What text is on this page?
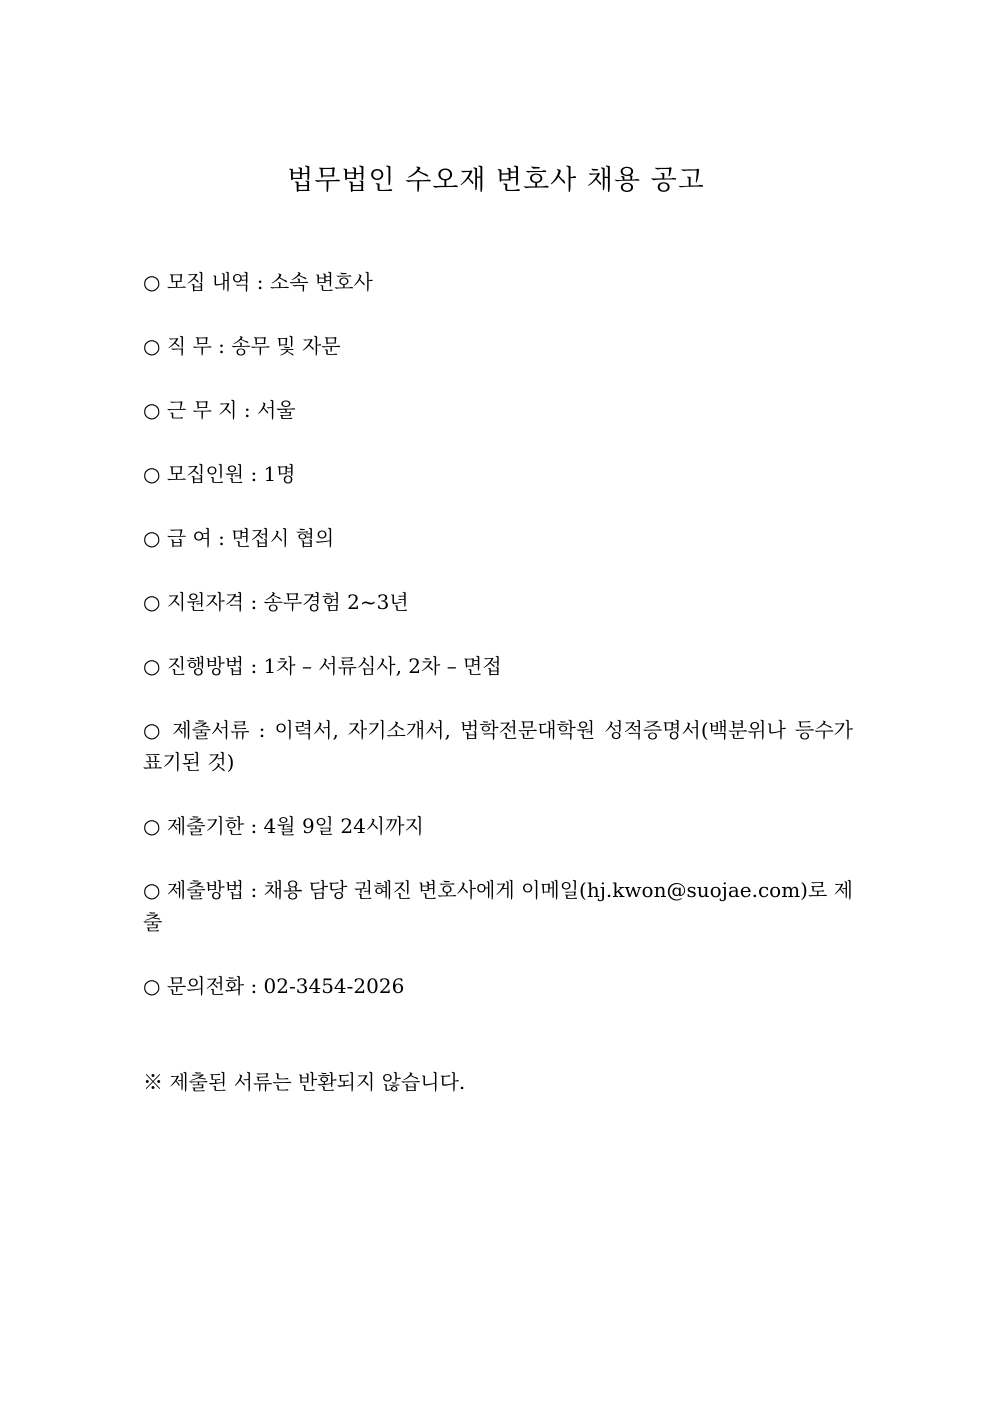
법무법인 수오재 변호사 채용 공고
○ 모집 내역 : 소속 변호사
○ 직 무 : 송무 및 자문
○ 근 무 지 : 서울
○ 모집인원 : 1명
○ 급 여 : 면접시 협의
○ 지원자격 : 송무경험 2~3년
○ 진행방법 : 1차 – 서류심사, 2차 – 면접
○ 제출서류 : 이력서, 자기소개서, 법학전문대학원 성적증명서(백분위나 등수가 표기된 것)
○ 제출기한 : 4월 9일 24시까지
○ 제출방법 : 채용 담당 권혜진 변호사에게 이메일(hj.kwon@suojae.com)로 제출
○ 문의전화 : 02-3454-2026
※ 제출된 서류는 반환되지 않습니다.
